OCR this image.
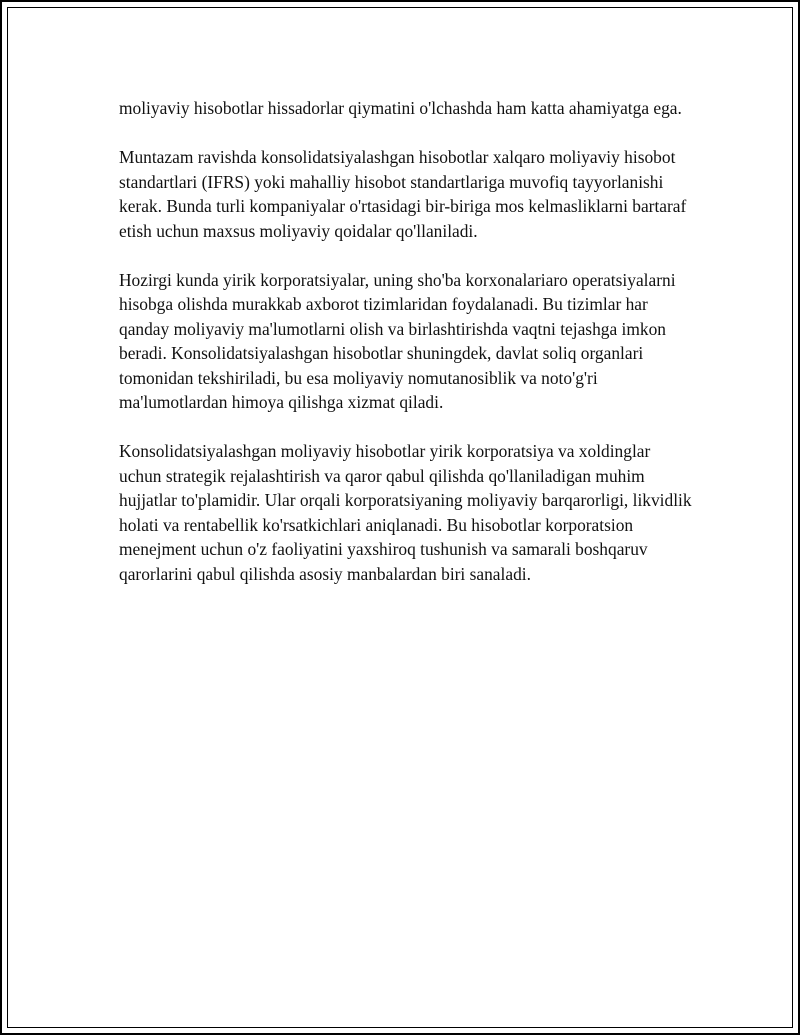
moliyaviy hisobotlar hissadorlar qiymatini o'lchashda ham katta ahamiyatga ega.

Muntazam ravishda konsolidatsiyalashgan hisobotlar xalqaro moliyaviy hisobot standartlari (IFRS) yoki mahalliy hisobot standartlariga muvofiq tayyorlanishi kerak. Bunda turli kompaniyalar o'rtasidagi bir-biriga mos kelmasliklarni bartaraf etish uchun maxsus moliyaviy qoidalar qo'llaniladi.

Hozirgi kunda yirik korporatsiyalar, uning sho'ba korxonalariaro operatsiyalarni hisobga olishda murakkab axborot tizimlaridan foydalanadi. Bu tizimlar har qanday moliyaviy ma'lumotlarni olish va birlashtirishda vaqtni tejashga imkon beradi. Konsolidatsiyalashgan hisobotlar shuningdek, davlat soliq organlari tomonidan tekshiriladi, bu esa moliyaviy nomutanosiblik va noto'g'ri ma'lumotlardan himoya qilishga xizmat qiladi.

Konsolidatsiyalashgan moliyaviy hisobotlar yirik korporatsiya va xoldinglar uchun strategik rejalashtirish va qaror qabul qilishda qo'llaniladigan muhim hujjatlar to'plamidir. Ular orqali korporatsiyaning moliyaviy barqarorligi, likvidlik holati va rentabellik ko'rsatkichlari aniqlanadi. Bu hisobotlar korporatsion menejment uchun o'z faoliyatini yaxshiroq tushunish va samarali boshqaruv qarorlarini qabul qilishda asosiy manbalardan biri sanaladi.
